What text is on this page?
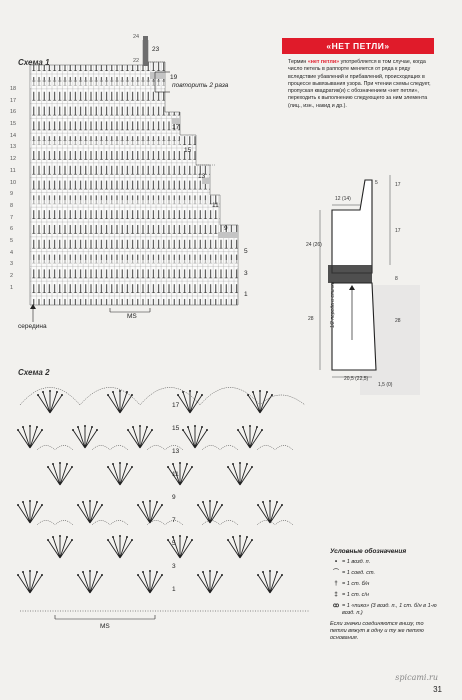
Схема 1
18
17
16
15
14
13
12
11
10
9
8
7
6
5
4
3
2
1
24
22
23
19
17
15
13
11
9
5
3
1
повторить 2 раза
MS
середина
«НЕТ ПЕТЛИ»
Термин «нет петли» употребляется в том случае, когда число петель в раппорте меняется от ряда к ряду вследствие убавлений и прибавлений, происходящих в процессе вывязывания узора. При чтении схемы следует, пропуская квадратик(и) с обозначением «нет петли», переходить к выполнению следующего за ним элемента (лиц., изн., накид и др.).
12 (14)
5	17
17
24 (26)
8
28	28
20,5 (22,5)
1,5 (0)
1/2 переда и спинки
Схема 2
17
15
13
11
9
7
5
3
1
MS
Условные обозначения
• = 1 возд. п.
⌒ = 1 соед. ст.
† = 1 ст. б/н
‡ = 1 ст. с/н
ꝏ = 1 «пико» (3 возд. п., 1 ст. б/н в 1-ю возд. п.)
Если значки соединяются внизу, то петли вяжут в одну и ту же петлю основания.
spicami.ru
31
